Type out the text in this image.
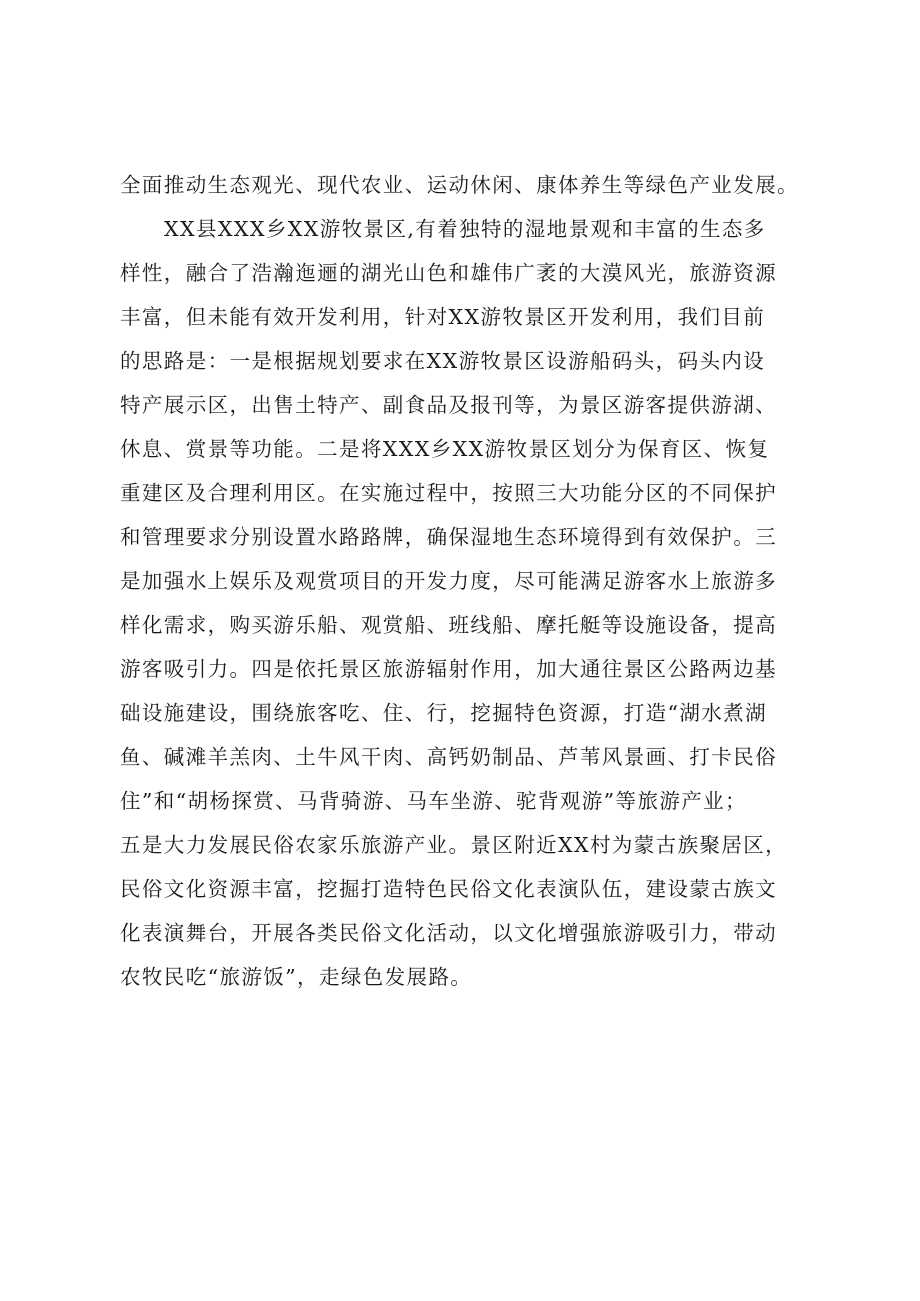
全面推动生态观光、现代农业、运动休闲、康体养生等绿色产业发展。
XX县XXX乡XX游牧景区,有着独特的湿地景观和丰富的生态多
样性，融合了浩瀚迤逦的湖光山色和雄伟广袤的大漠风光，旅游资源
丰富，但未能有效开发利用，针对XX游牧景区开发利用，我们目前
的思路是：一是根据规划要求在XX游牧景区设游船码头，码头内设
特产展示区，出售土特产、副食品及报刊等，为景区游客提供游湖、
休息、赏景等功能。二是将XXX乡XX游牧景区划分为保育区、恢复
重建区及合理利用区。在实施过程中，按照三大功能分区的不同保护
和管理要求分别设置水路路牌，确保湿地生态环境得到有效保护。三
是加强水上娱乐及观赏项目的开发力度，尽可能满足游客水上旅游多
样化需求，购买游乐船、观赏船、班线船、摩托艇等设施设备，提高
游客吸引力。四是依托景区旅游辐射作用，加大通往景区公路两边基
础设施建设，围绕旅客吃、住、行，挖掘特色资源，打造“湖水煮湖
鱼、碱滩羊羔肉、土牛风干肉、高钙奶制品、芦苇风景画、打卡民俗
住”和“胡杨探赏、马背骑游、马车坐游、驼背观游”等旅游产业；
五是大力发展民俗农家乐旅游产业。景区附近XX村为蒙古族聚居区，
民俗文化资源丰富，挖掘打造特色民俗文化表演队伍，建设蒙古族文
化表演舞台，开展各类民俗文化活动，以文化增强旅游吸引力，带动
农牧民吃“旅游饭”，走绿色发展路。
